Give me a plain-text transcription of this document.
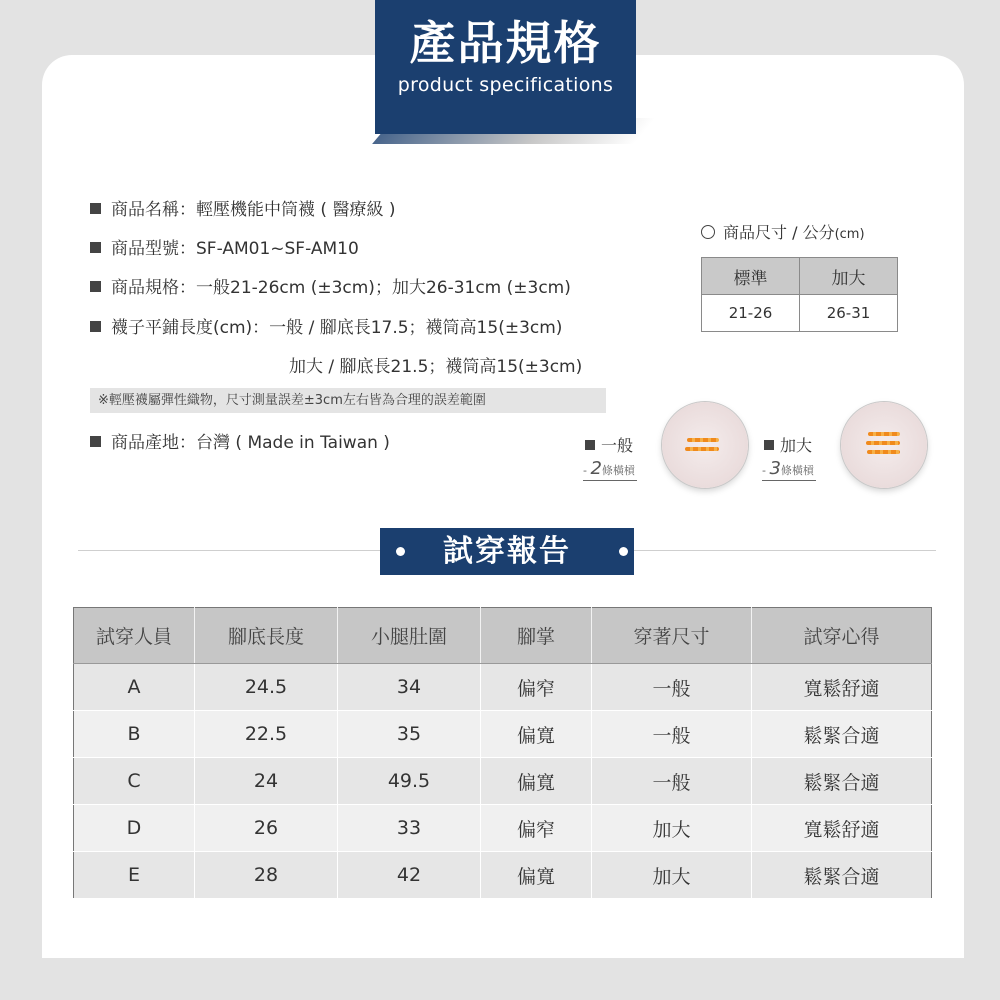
產品規格
product specifications
商品名稱：輕壓機能中筒襪 ( 醫療級 )
商品型號：SF-AM01~SF-AM10
商品規格：一般21-26cm (±3cm)；加大26-31cm (±3cm)
襪子平鋪長度(cm)：一般 / 腳底長17.5；襪筒高15(±3cm)
加大 / 腳底長21.5；襪筒高15(±3cm)
※輕壓襪屬彈性織物，尺寸測量誤差±3cm左右皆為合理的誤差範圍
商品產地：台灣 ( Made in Taiwan )
商品尺寸 / 公分(cm)
標準	加大
21-26	26-31
一般
- 2條橫槓
加大
- 3條橫槓
試穿報告
試穿人員	腳底長度	小腿肚圍	腳掌	穿著尺寸	試穿心得
A	24.5	34	偏窄	一般	寬鬆舒適
B	22.5	35	偏寬	一般	鬆緊合適
C	24	49.5	偏寬	一般	鬆緊合適
D	26	33	偏窄	加大	寬鬆舒適
E	28	42	偏寬	加大	鬆緊合適
